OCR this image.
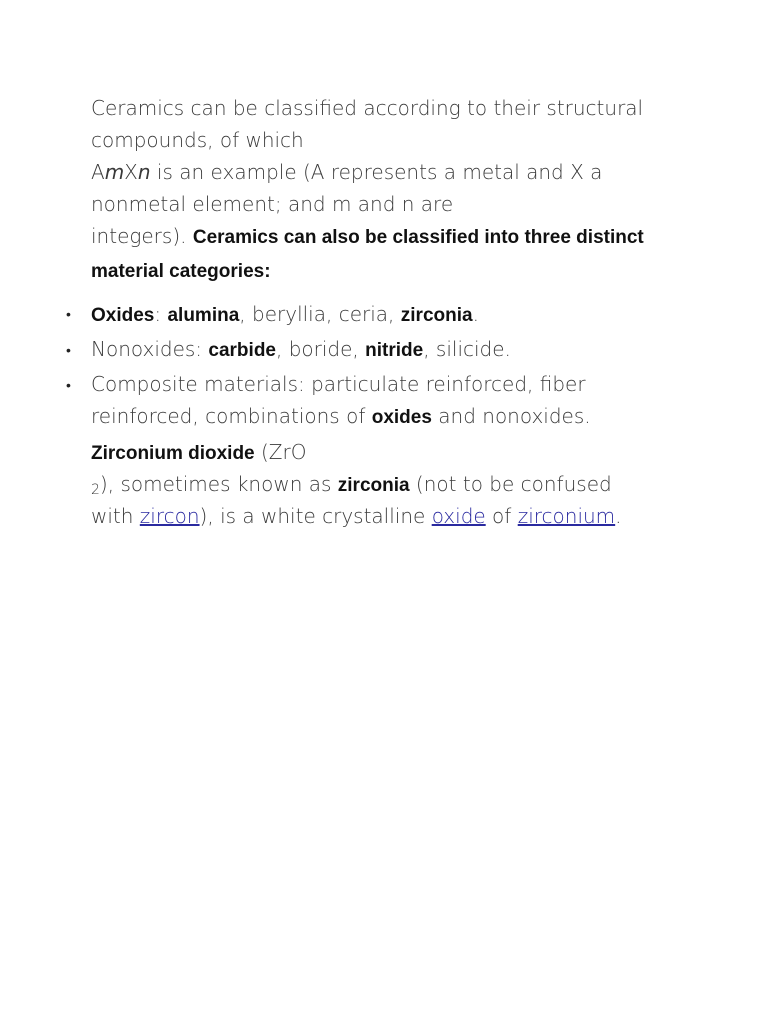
Ceramics can be classified according to their structural
compounds, of which
AmXn is an example (A represents a metal and X a
nonmetal element; and m and n are
integers). Ceramics can also be classified into three distinct
material categories:
• Oxides: alumina, beryllia, ceria, zirconia.
• Nonoxides: carbide, boride, nitride, silicide.
• Composite materials: particulate reinforced, fiber
reinforced, combinations of oxides and nonoxides.
Zirconium dioxide (ZrO
$_2$), sometimes known as zirconia (not to be confused
with zircon), is a white crystalline oxide of zirconium.
